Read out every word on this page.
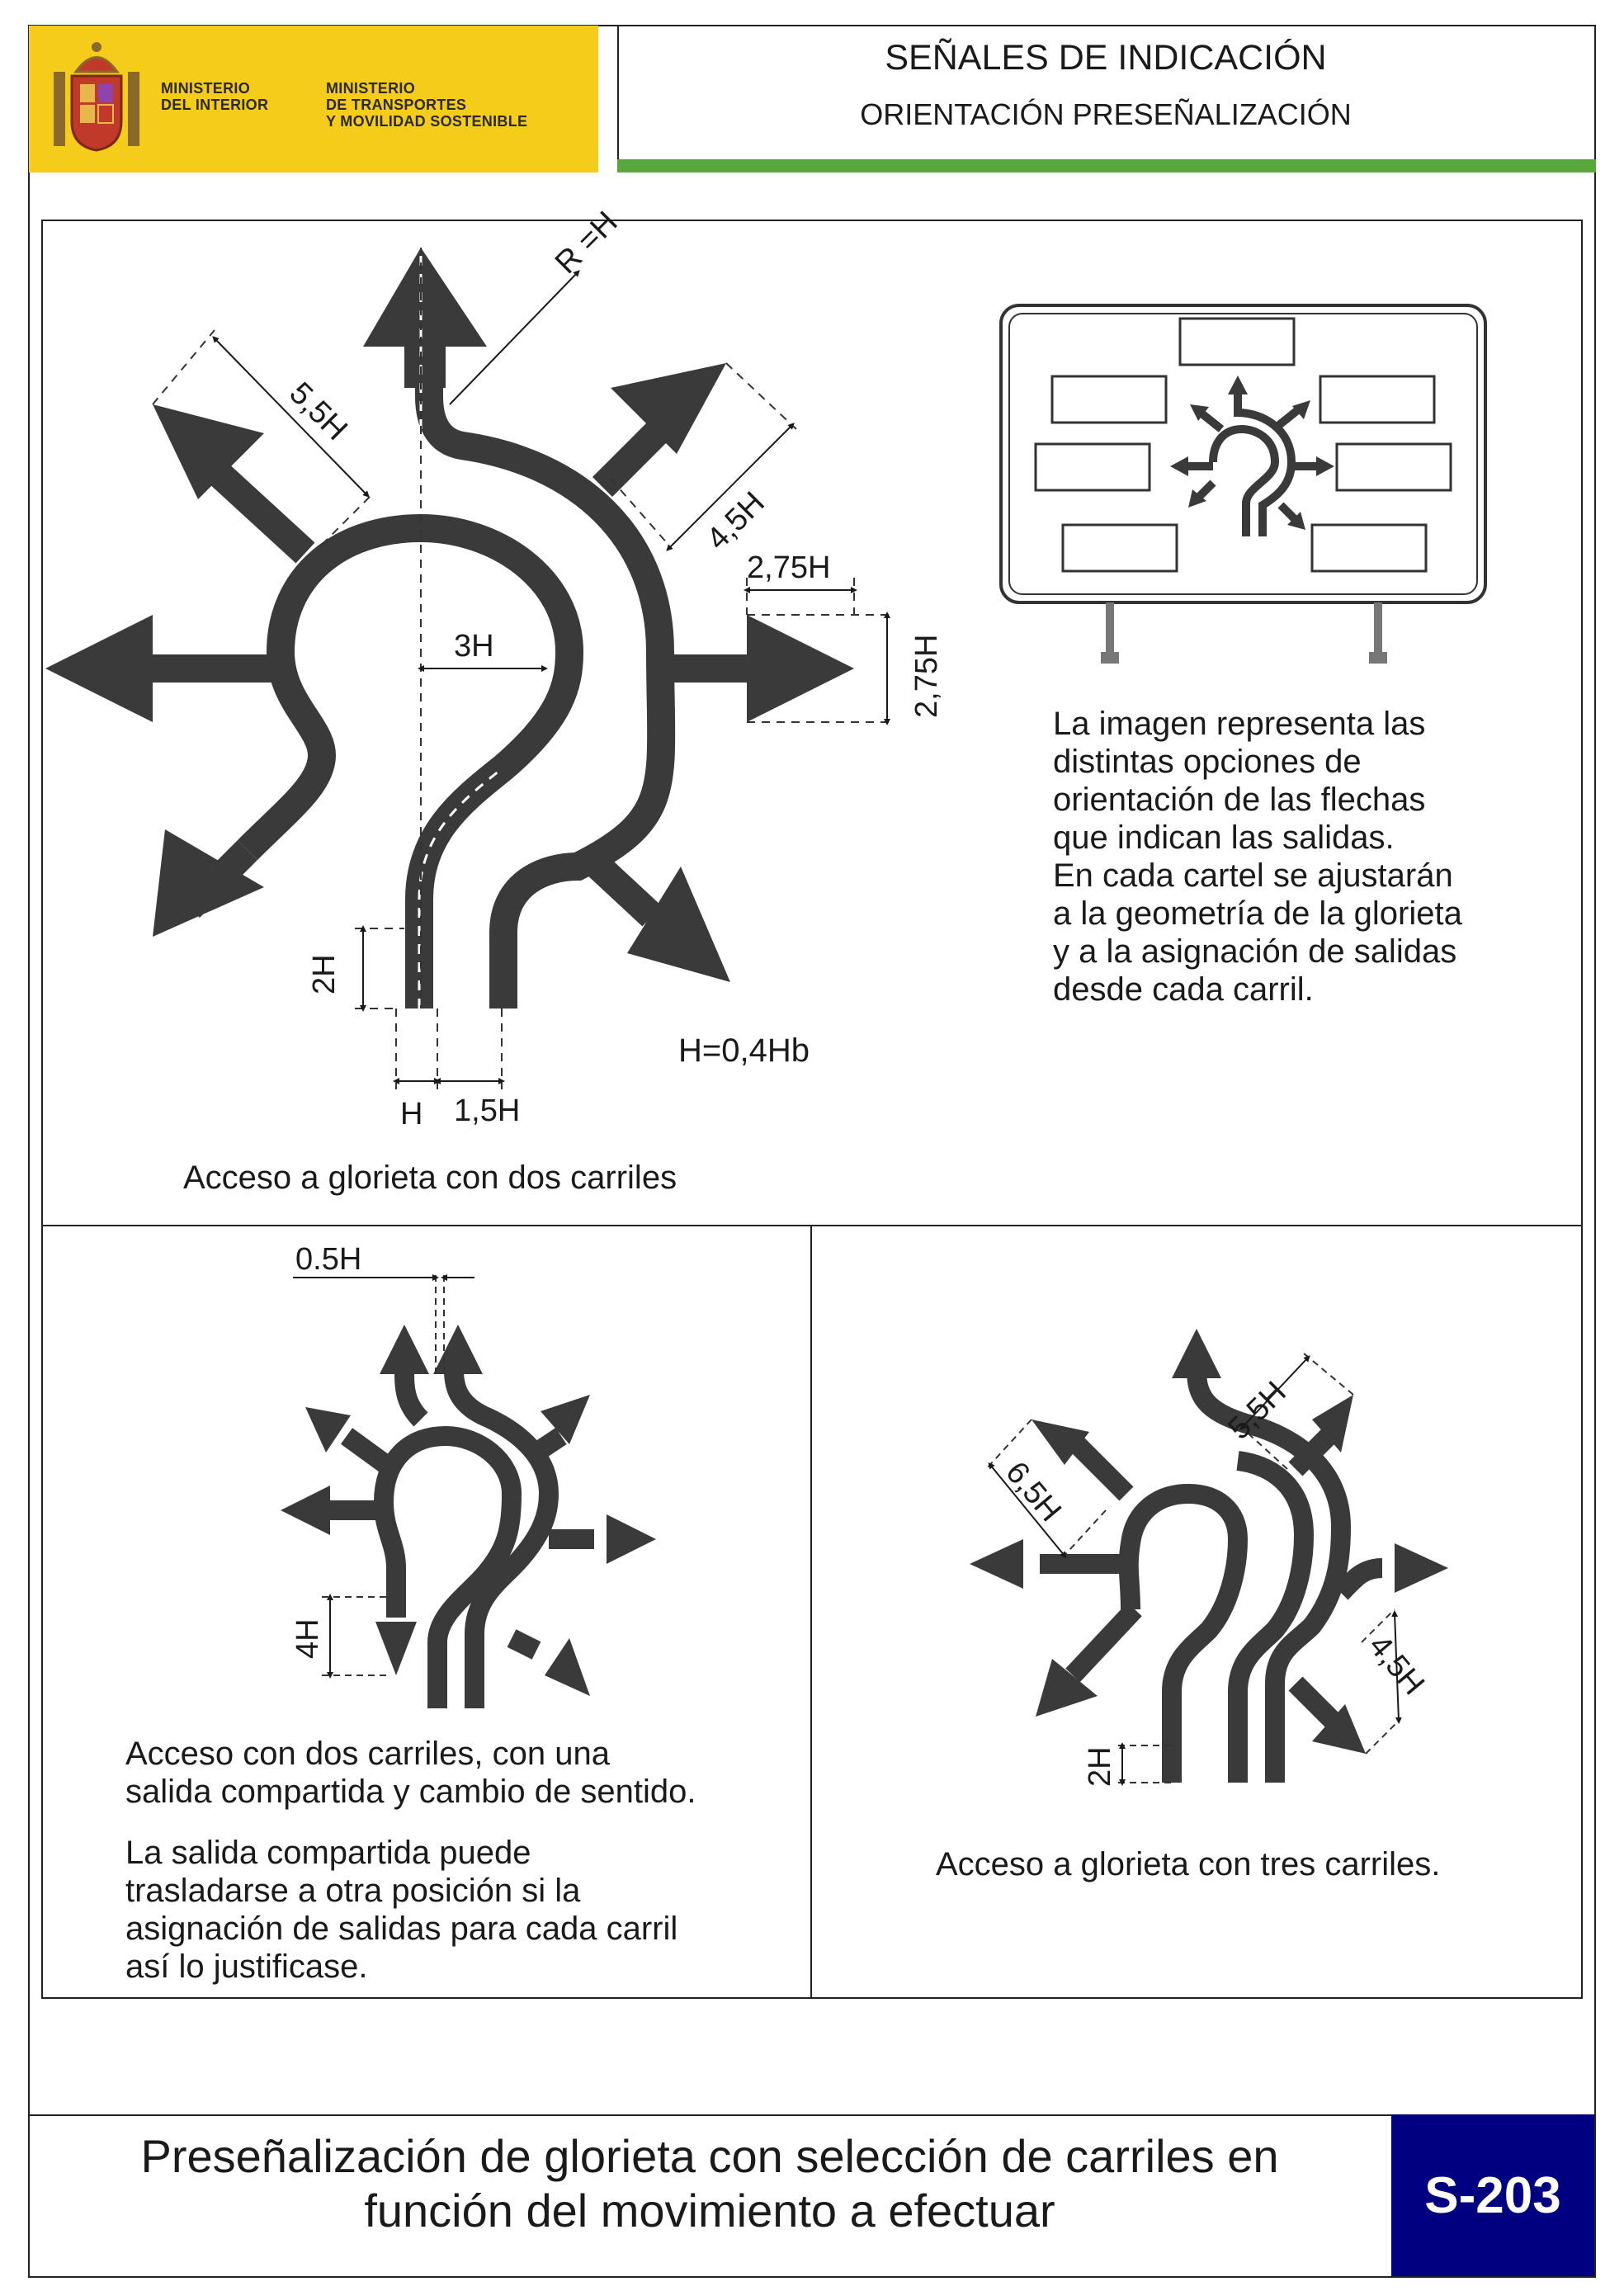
MINISTERIO
DEL INTERIOR
MINISTERIO
DE TRANSPORTES
Y MOVILIDAD SOSTENIBLE
SEÑALES DE INDICACIÓN
ORIENTACIÓN PRESEÑALIZACIÓN
R =H
5,5H
4,5H
2,75H
2,75H
3H
2H
H 1,5H
0.5H
4H
6,5H
5,5H
4,5H
2H
H=0,4Hb
Acceso a glorieta con dos carriles
La imagen representa las
distintas opciones de
orientación de las flechas
que indican las salidas.
En cada cartel se ajustarán
a la geometría de la glorieta
y a la asignación de salidas
desde cada carril.
Acceso con dos carriles, con una
salida compartida y cambio de sentido.
La salida compartida puede
trasladarse a otra posición si la
asignación de salidas para cada carril
así lo justificase.
Acceso a glorieta con tres carriles.
Preseñalización de glorieta con selección de carriles en
función del movimiento a efectuar	S-203
